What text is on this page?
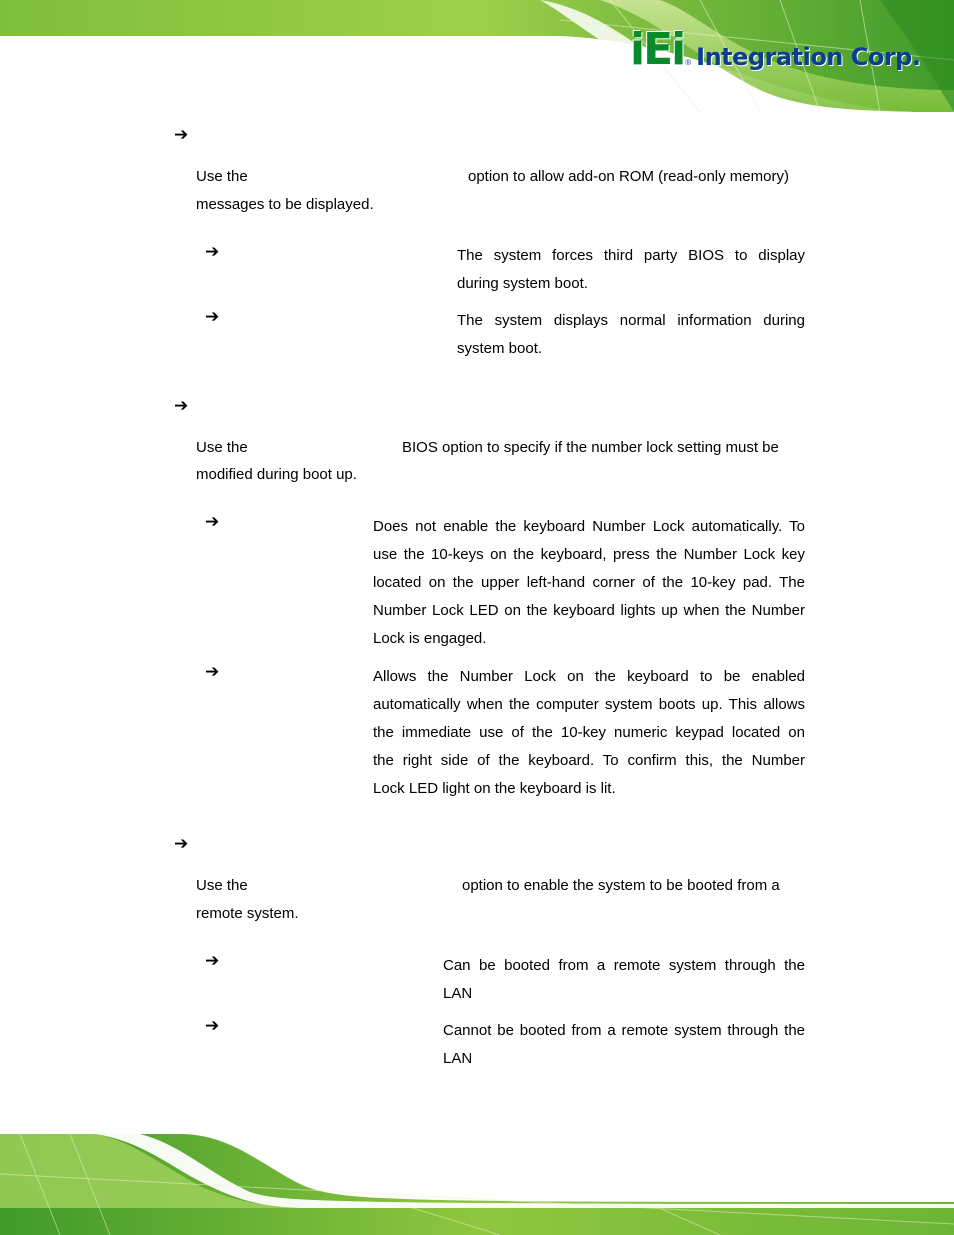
iEi ® Integration Corp.
➔
Use the	option to allow add-on ROM (read-only memory)
messages to be displayed.
➔	The system forces third party BIOS to display
during system boot.
➔	The system displays normal information during
system boot.
➔
Use the	BIOS option to specify if the number lock setting must be
modified during boot up.
➔	Does not enable the keyboard Number Lock automatically. To
use the 10-keys on the keyboard, press the Number Lock key
located on the upper left-hand corner of the 10-key pad. The
Number Lock LED on the keyboard lights up when the Number
Lock is engaged.
➔	Allows the Number Lock on the keyboard to be enabled
automatically when the computer system boots up. This allows
the immediate use of the 10-key numeric keypad located on
the right side of the keyboard. To confirm this, the Number
Lock LED light on the keyboard is lit.
➔
Use the	option to enable the system to be booted from a
remote system.
➔	Can be booted from a remote system through the
LAN
➔	Cannot be booted from a remote system through the
LAN
